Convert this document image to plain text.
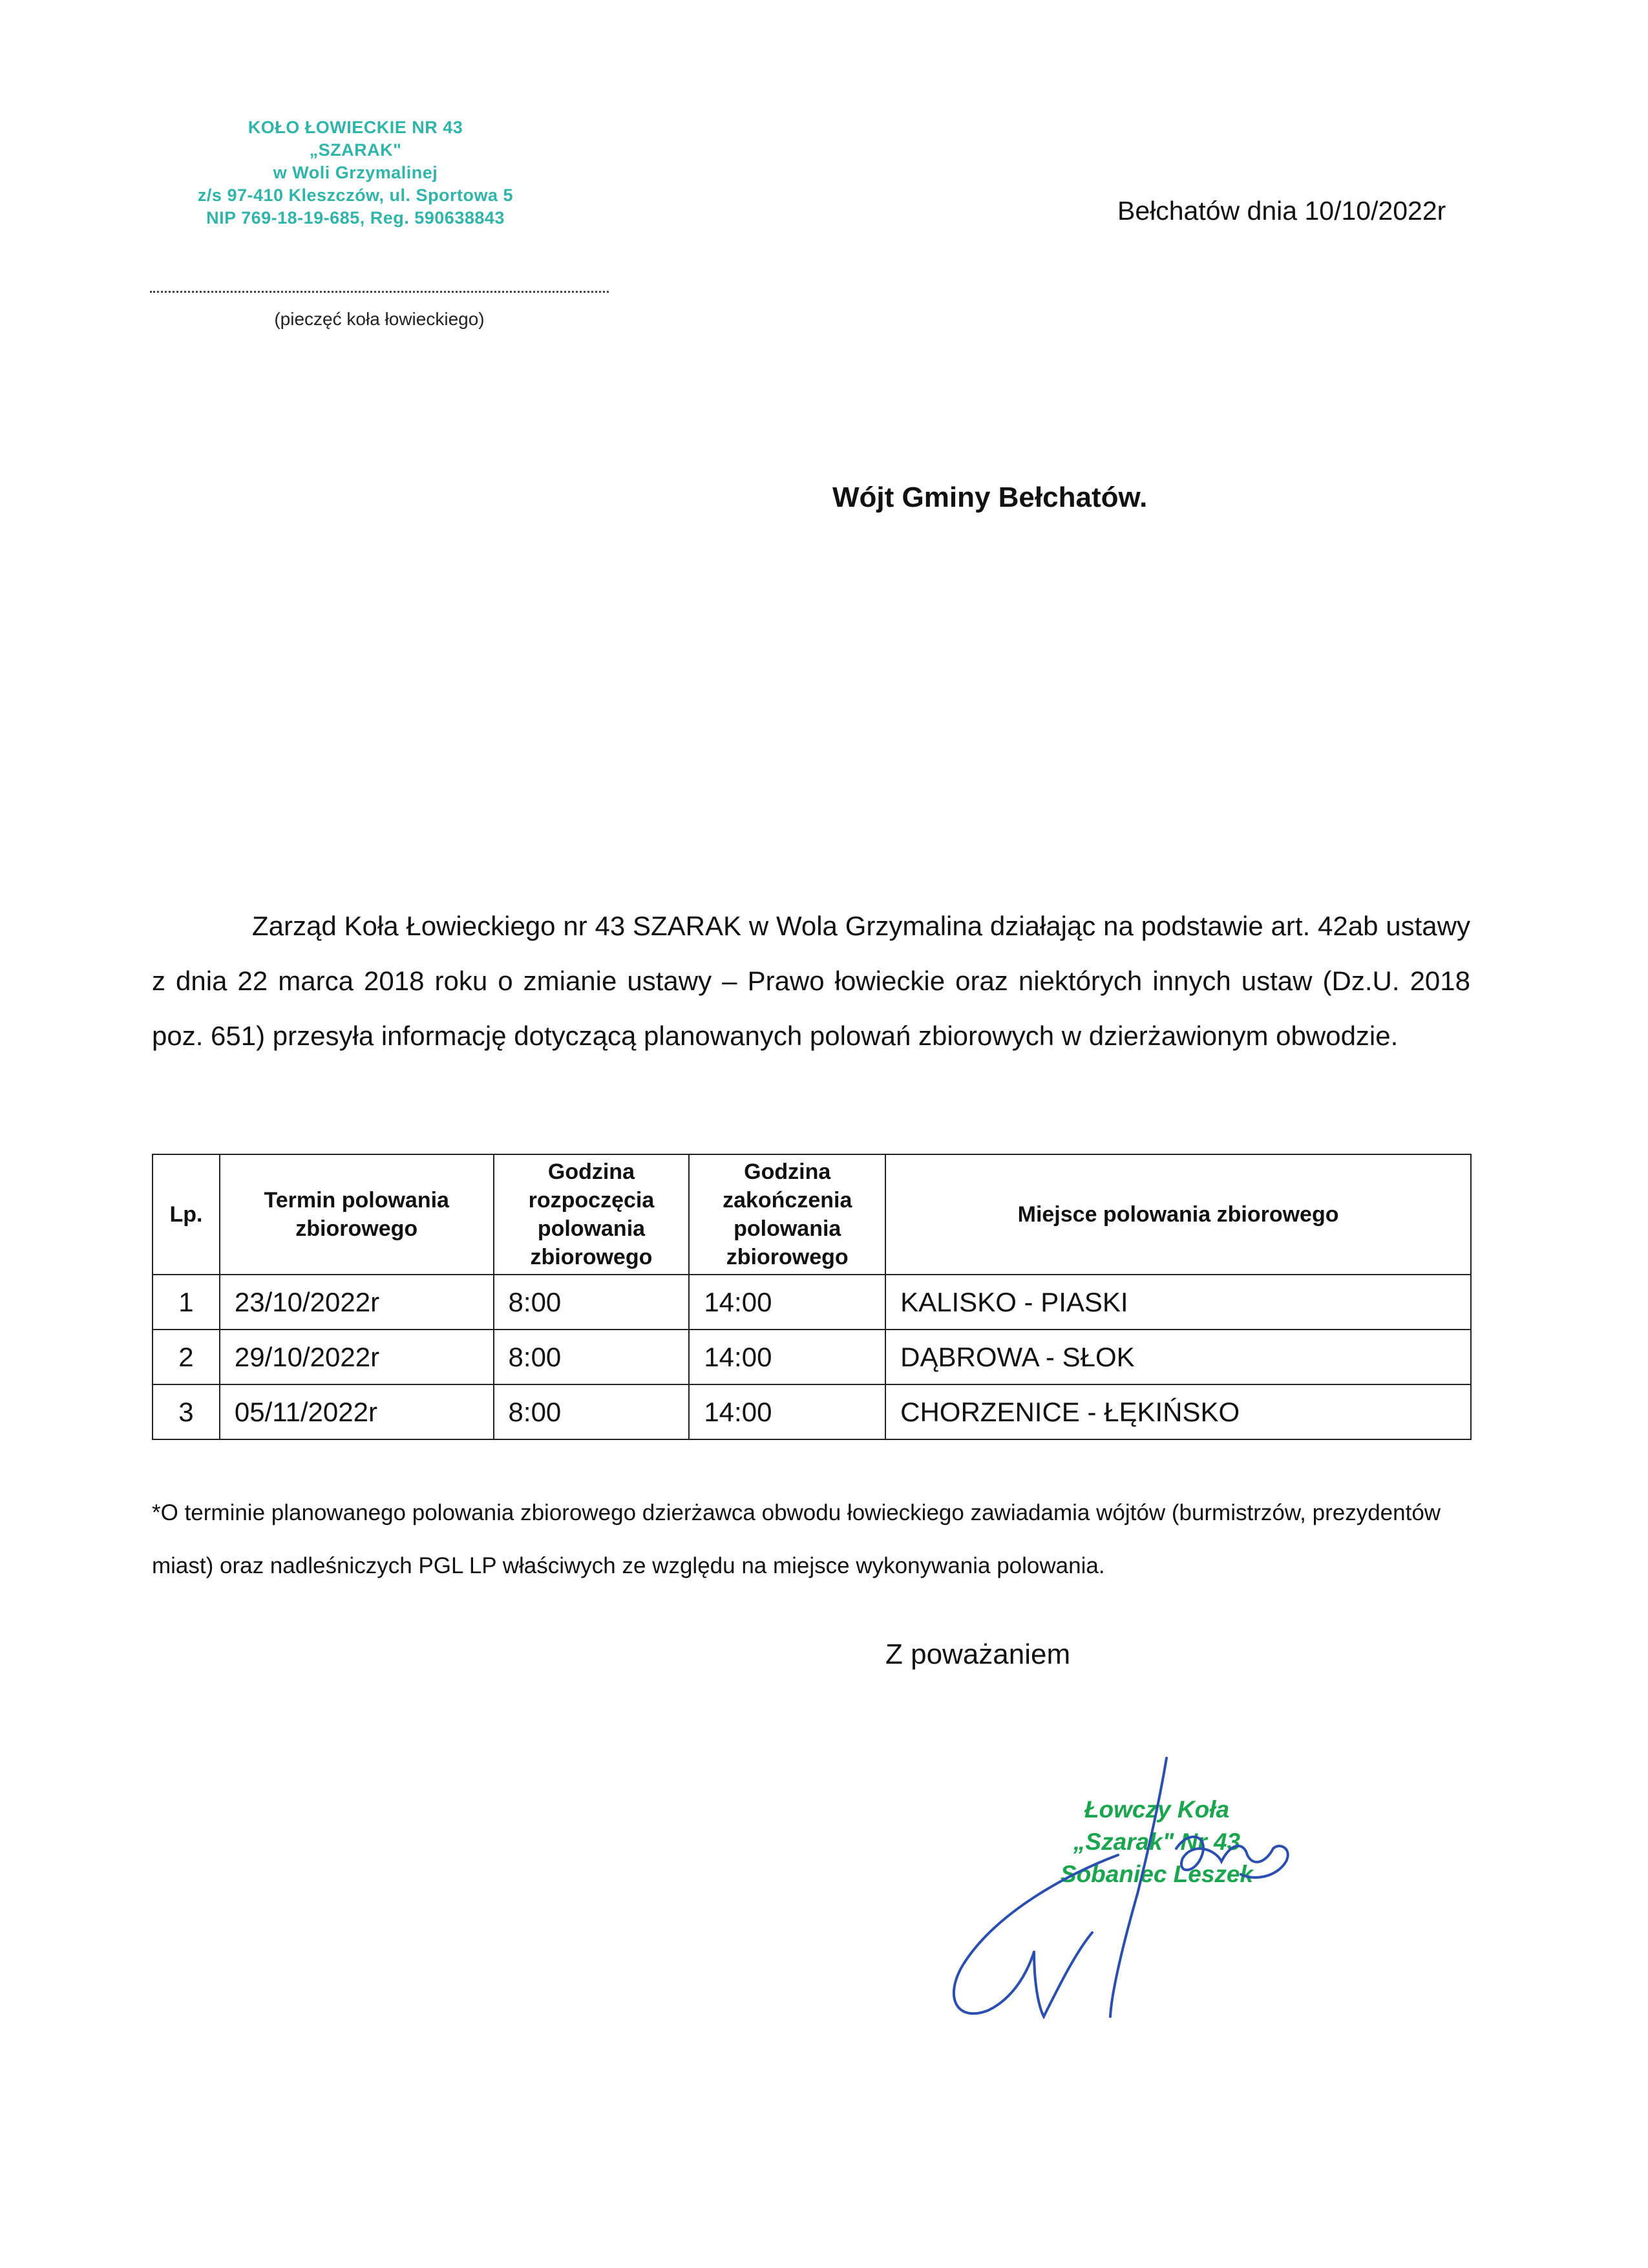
KOŁO ŁOWIECKIE NR 43
„SZARAK"
w Woli Grzymalinej
z/s 97-410 Kleszczów, ul. Sportowa 5
NIP 769-18-19-685, Reg. 590638843
(pieczęć koła łowieckiego)
Bełchatów dnia 10/10/2022r
Wójt Gminy Bełchatów.

Zarząd Koła Łowieckiego nr 43 SZARAK w Wola Grzymalina działając na podstawie art. 42ab ustawy z dnia 22 marca 2018 roku o zmianie ustawy – Prawo łowieckie oraz niektórych innych ustaw (Dz.U. 2018 poz. 651) przesyła informację dotyczącą planowanych polowań zbiorowych w dzierżawionym obwodzie.

Lp.	Termin polowania zbiorowego	Godzina rozpoczęcia polowania zbiorowego	Godzina zakończenia polowania zbiorowego	Miejsce polowania zbiorowego
1	23/10/2022r	8:00	14:00	KALISKO - PIASKI
2	29/10/2022r	8:00	14:00	DĄBROWA - SŁOK
3	05/11/2022r	8:00	14:00	CHORZENICE - ŁĘKIŃSKO
*O terminie planowanego polowania zbiorowego dzierżawca obwodu łowieckiego zawiadamia wójtów (burmistrzów, prezydentów miast) oraz nadleśniczych PGL LP właściwych ze względu na miejsce wykonywania polowania.
Z poważaniem
Łowczy Koła
„Szarak" Nr 43
Sobaniec Leszek
